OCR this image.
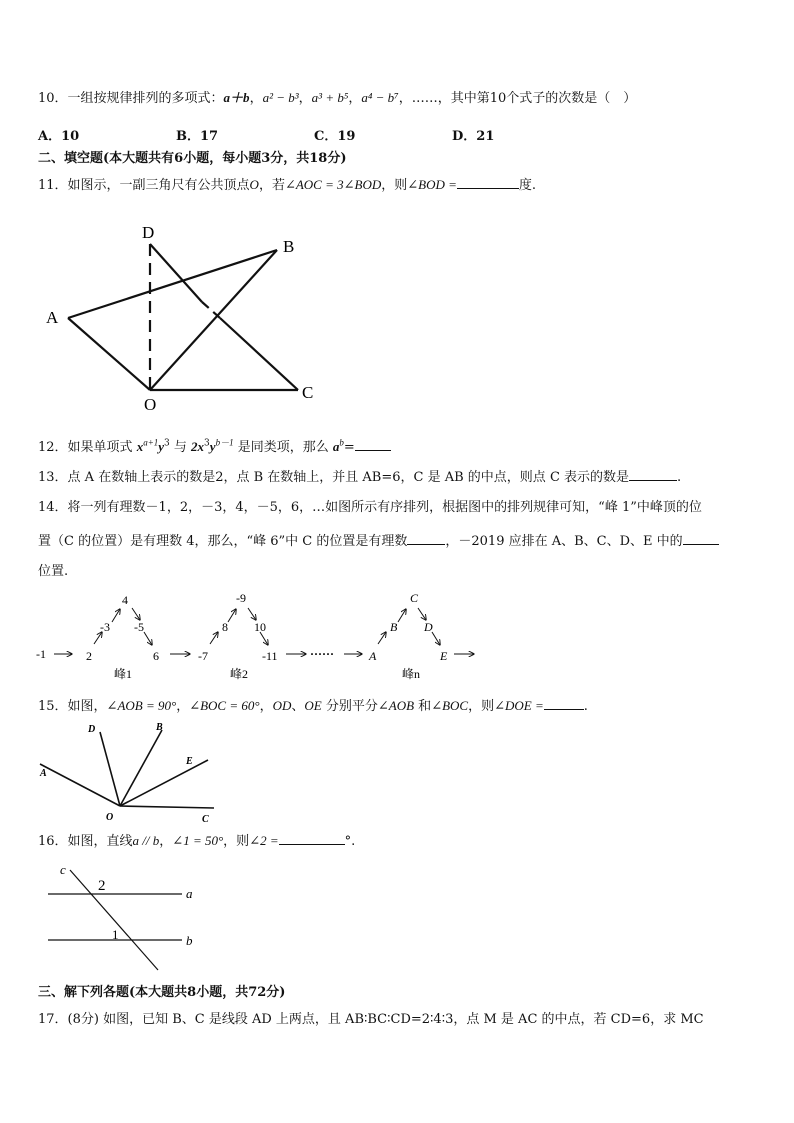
10．一组按规律排列的多项式：a＋b，a² − b³，a³ + b⁵，a⁴ − b⁷，……，其中第10个式子的次数是（　）
A．10	B．17	C．19	D．21
二、填空题(本大题共有6小题，每小题3分，共18分)
11．如图示，一副三角尺有公共顶点O，若∠AOC = 3∠BOD，则∠BOD =	度.
D
B
A
O
C
12．如果单项式 $x^{a+1}y^3$ 与 $2x^3y^{b-1}$ 是同类项，那么 $a^b=$
13．点 A 在数轴上表示的数是2，点 B 在数轴上，并且 AB=6，C 是 AB 的中点，则点 C 表示的数是	.
14．将一列有理数－1，2，－3，4，－5，6，…如图所示有序排列，根据图中的排列规律可知，“峰 1”中峰顶的位
置（C 的位置）是有理数 4，那么，“峰 6”中 C 的位置是有理数	，－2019 应排在 A、B、C、D、E 中的
位置.
-1	2
-3
4
-5
6	-7
8
-9
10
-11	······	A
B
C
D
E
峰1	峰2	峰n
15．如图，∠AOB = 90°，∠BOC = 60°，OD、OE 分别平分∠AOB 和∠BOC，则∠DOE =	.
D	B
E
A
O	C
16．如图，直线a // b，∠1 = 50°，则∠2 =	°.
c
a
b
2
1
三、解下列各题(本大题共8小题，共72分)
17．(8分) 如图，已知 B、C 是线段 AD 上两点，且 AB∶BC∶CD=2∶4∶3，点 M 是 AC 的中点，若 CD=6，求 MC
